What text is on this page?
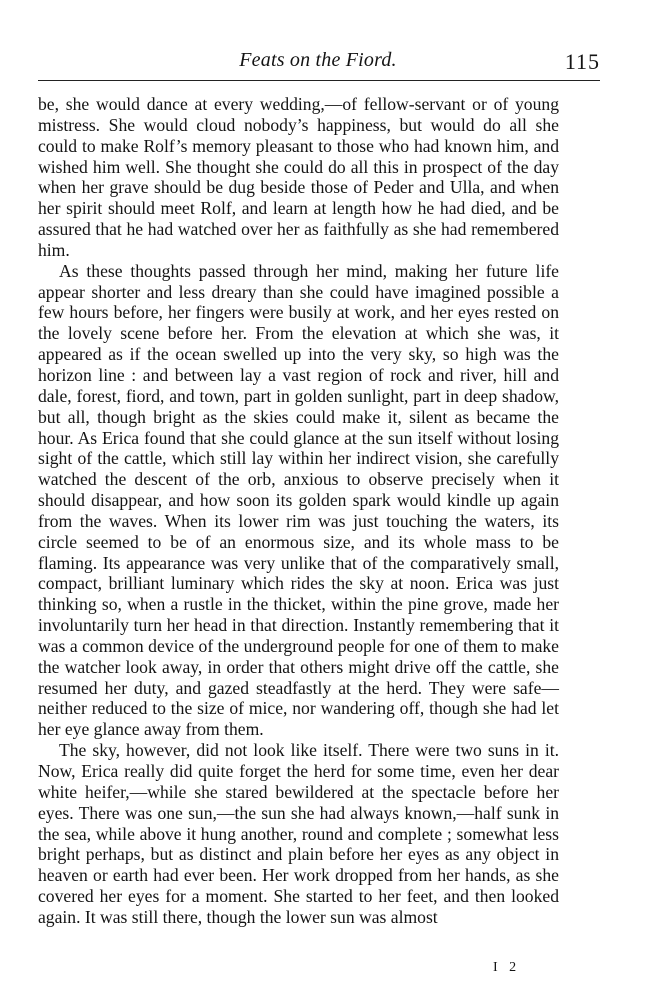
Feats on the Fiord.	115

be, she would dance at every wedding,—of fellow-servant or of young mistress. She would cloud nobody’s happiness, but would do all she could to make Rolf’s memory pleasant to those who had known him, and wished him well. She thought she could do all this in prospect of the day when her grave should be dug beside those of Peder and Ulla, and when her spirit should meet Rolf, and learn at length how he had died, and be assured that he had watched over her as faithfully as she had remembered him.

As these thoughts passed through her mind, making her future life appear shorter and less dreary than she could have imagined possible a few hours before, her fingers were busily at work, and her eyes rested on the lovely scene before her. From the elevation at which she was, it appeared as if the ocean swelled up into the very sky, so high was the horizon line : and between lay a vast region of rock and river, hill and dale, forest, fiord, and town, part in golden sunlight, part in deep shadow, but all, though bright as the skies could make it, silent as became the hour. As Erica found that she could glance at the sun itself without losing sight of the cattle, which still lay within her indirect vision, she carefully watched the descent of the orb, anxious to observe precisely when it should disappear, and how soon its golden spark would kindle up again from the waves. When its lower rim was just touching the waters, its circle seemed to be of an enormous size, and its whole mass to be flaming. Its appearance was very unlike that of the comparatively small, compact, brilliant luminary which rides the sky at noon. Erica was just thinking so, when a rustle in the thicket, within the pine grove, made her involuntarily turn her head in that direction. Instantly remembering that it was a common device of the underground people for one of them to make the watcher look away, in order that others might drive off the cattle, she resumed her duty, and gazed steadfastly at the herd. They were safe—neither reduced to the size of mice, nor wandering off, though she had let her eye glance away from them.

The sky, however, did not look like itself. There were two suns in it. Now, Erica really did quite forget the herd for some time, even her dear white heifer,—while she stared bewildered at the spectacle before her eyes. There was one sun,—the sun she had always known,—half sunk in the sea, while above it hung another, round and complete ; somewhat less bright perhaps, but as distinct and plain before her eyes as any object in heaven or earth had ever been. Her work dropped from her hands, as she covered her eyes for a moment. She started to her feet, and then looked again. It was still there, though the lower sun was almost

I 2
